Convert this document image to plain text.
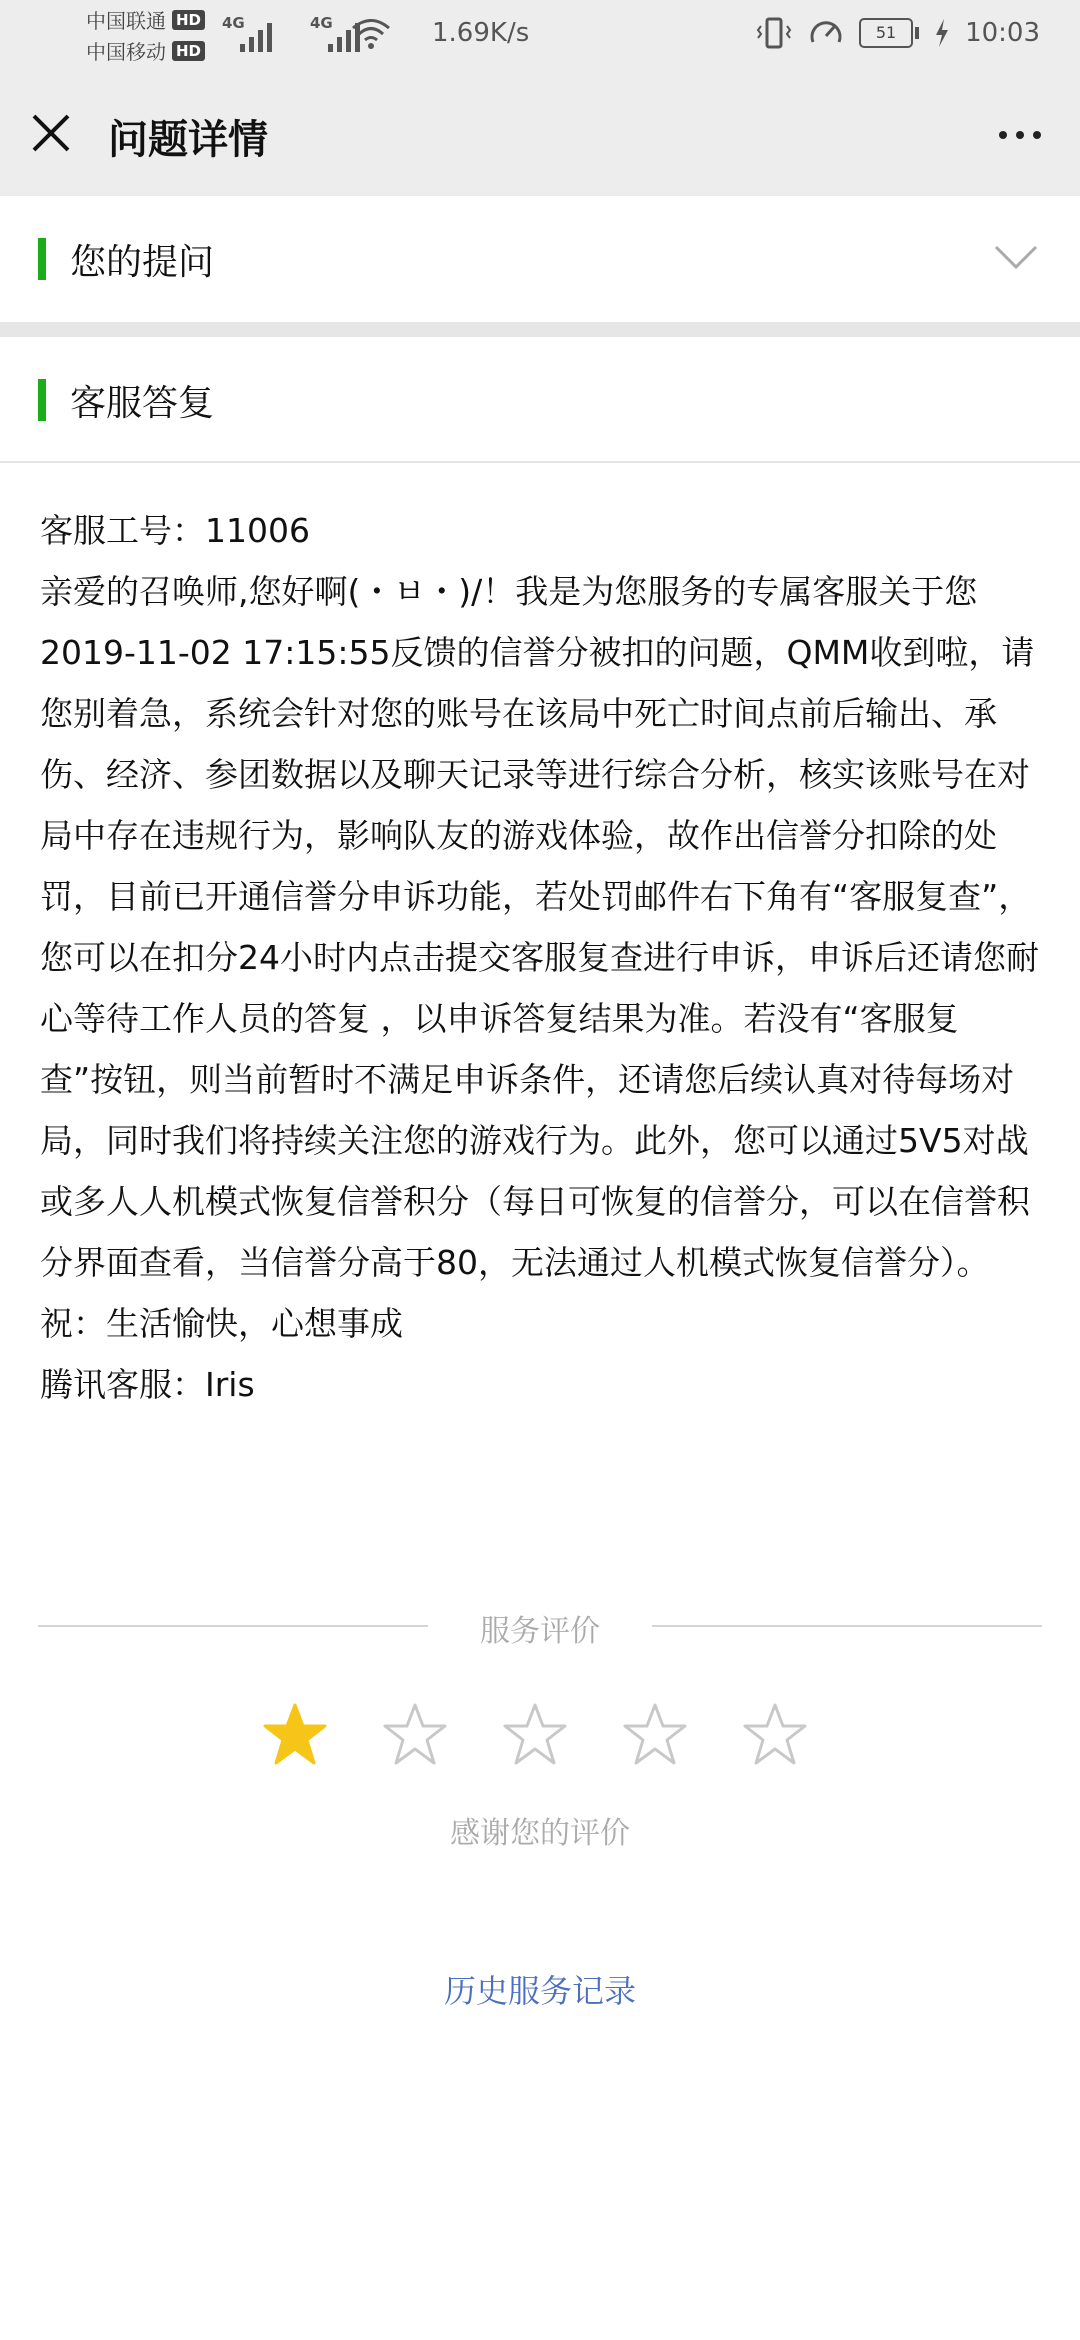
中国联通 HD
中国移动 HD
4G	4G	1.69K/s	51	10:03
问题详情
您的提问
客服答复

客服工号：11006

亲爱的召唤师,您好啊(・ㅂ・)/！我是为您服务的专属客服关于您2019-11-02 17:15:55反馈的信誉分被扣的问题，QMM收到啦，请您别着急，系统会针对您的账号在该局中死亡时间点前后输出、承伤、经济、参团数据以及聊天记录等进行综合分析，核实该账号在对局中存在违规行为，影响队友的游戏体验，故作出信誉分扣除的处罚，目前已开通信誉分申诉功能，若处罚邮件右下角有“客服复查”，您可以在扣分24小时内点击提交客服复查进行申诉，申诉后还请您耐心等待工作人员的答复 ，以申诉答复结果为准。若没有“客服复查”按钮，则当前暂时不满足申诉条件，还请您后续认真对待每场对局，同时我们将持续关注您的游戏行为。此外，您可以通过5V5对战或多人人机模式恢复信誉积分（每日可恢复的信誉分，可以在信誉积分界面查看，当信誉分高于80，无法通过人机模式恢复信誉分）。

祝：生活愉快，心想事成

腾讯客服：Iris

服务评价
感谢您的评价
历史服务记录
